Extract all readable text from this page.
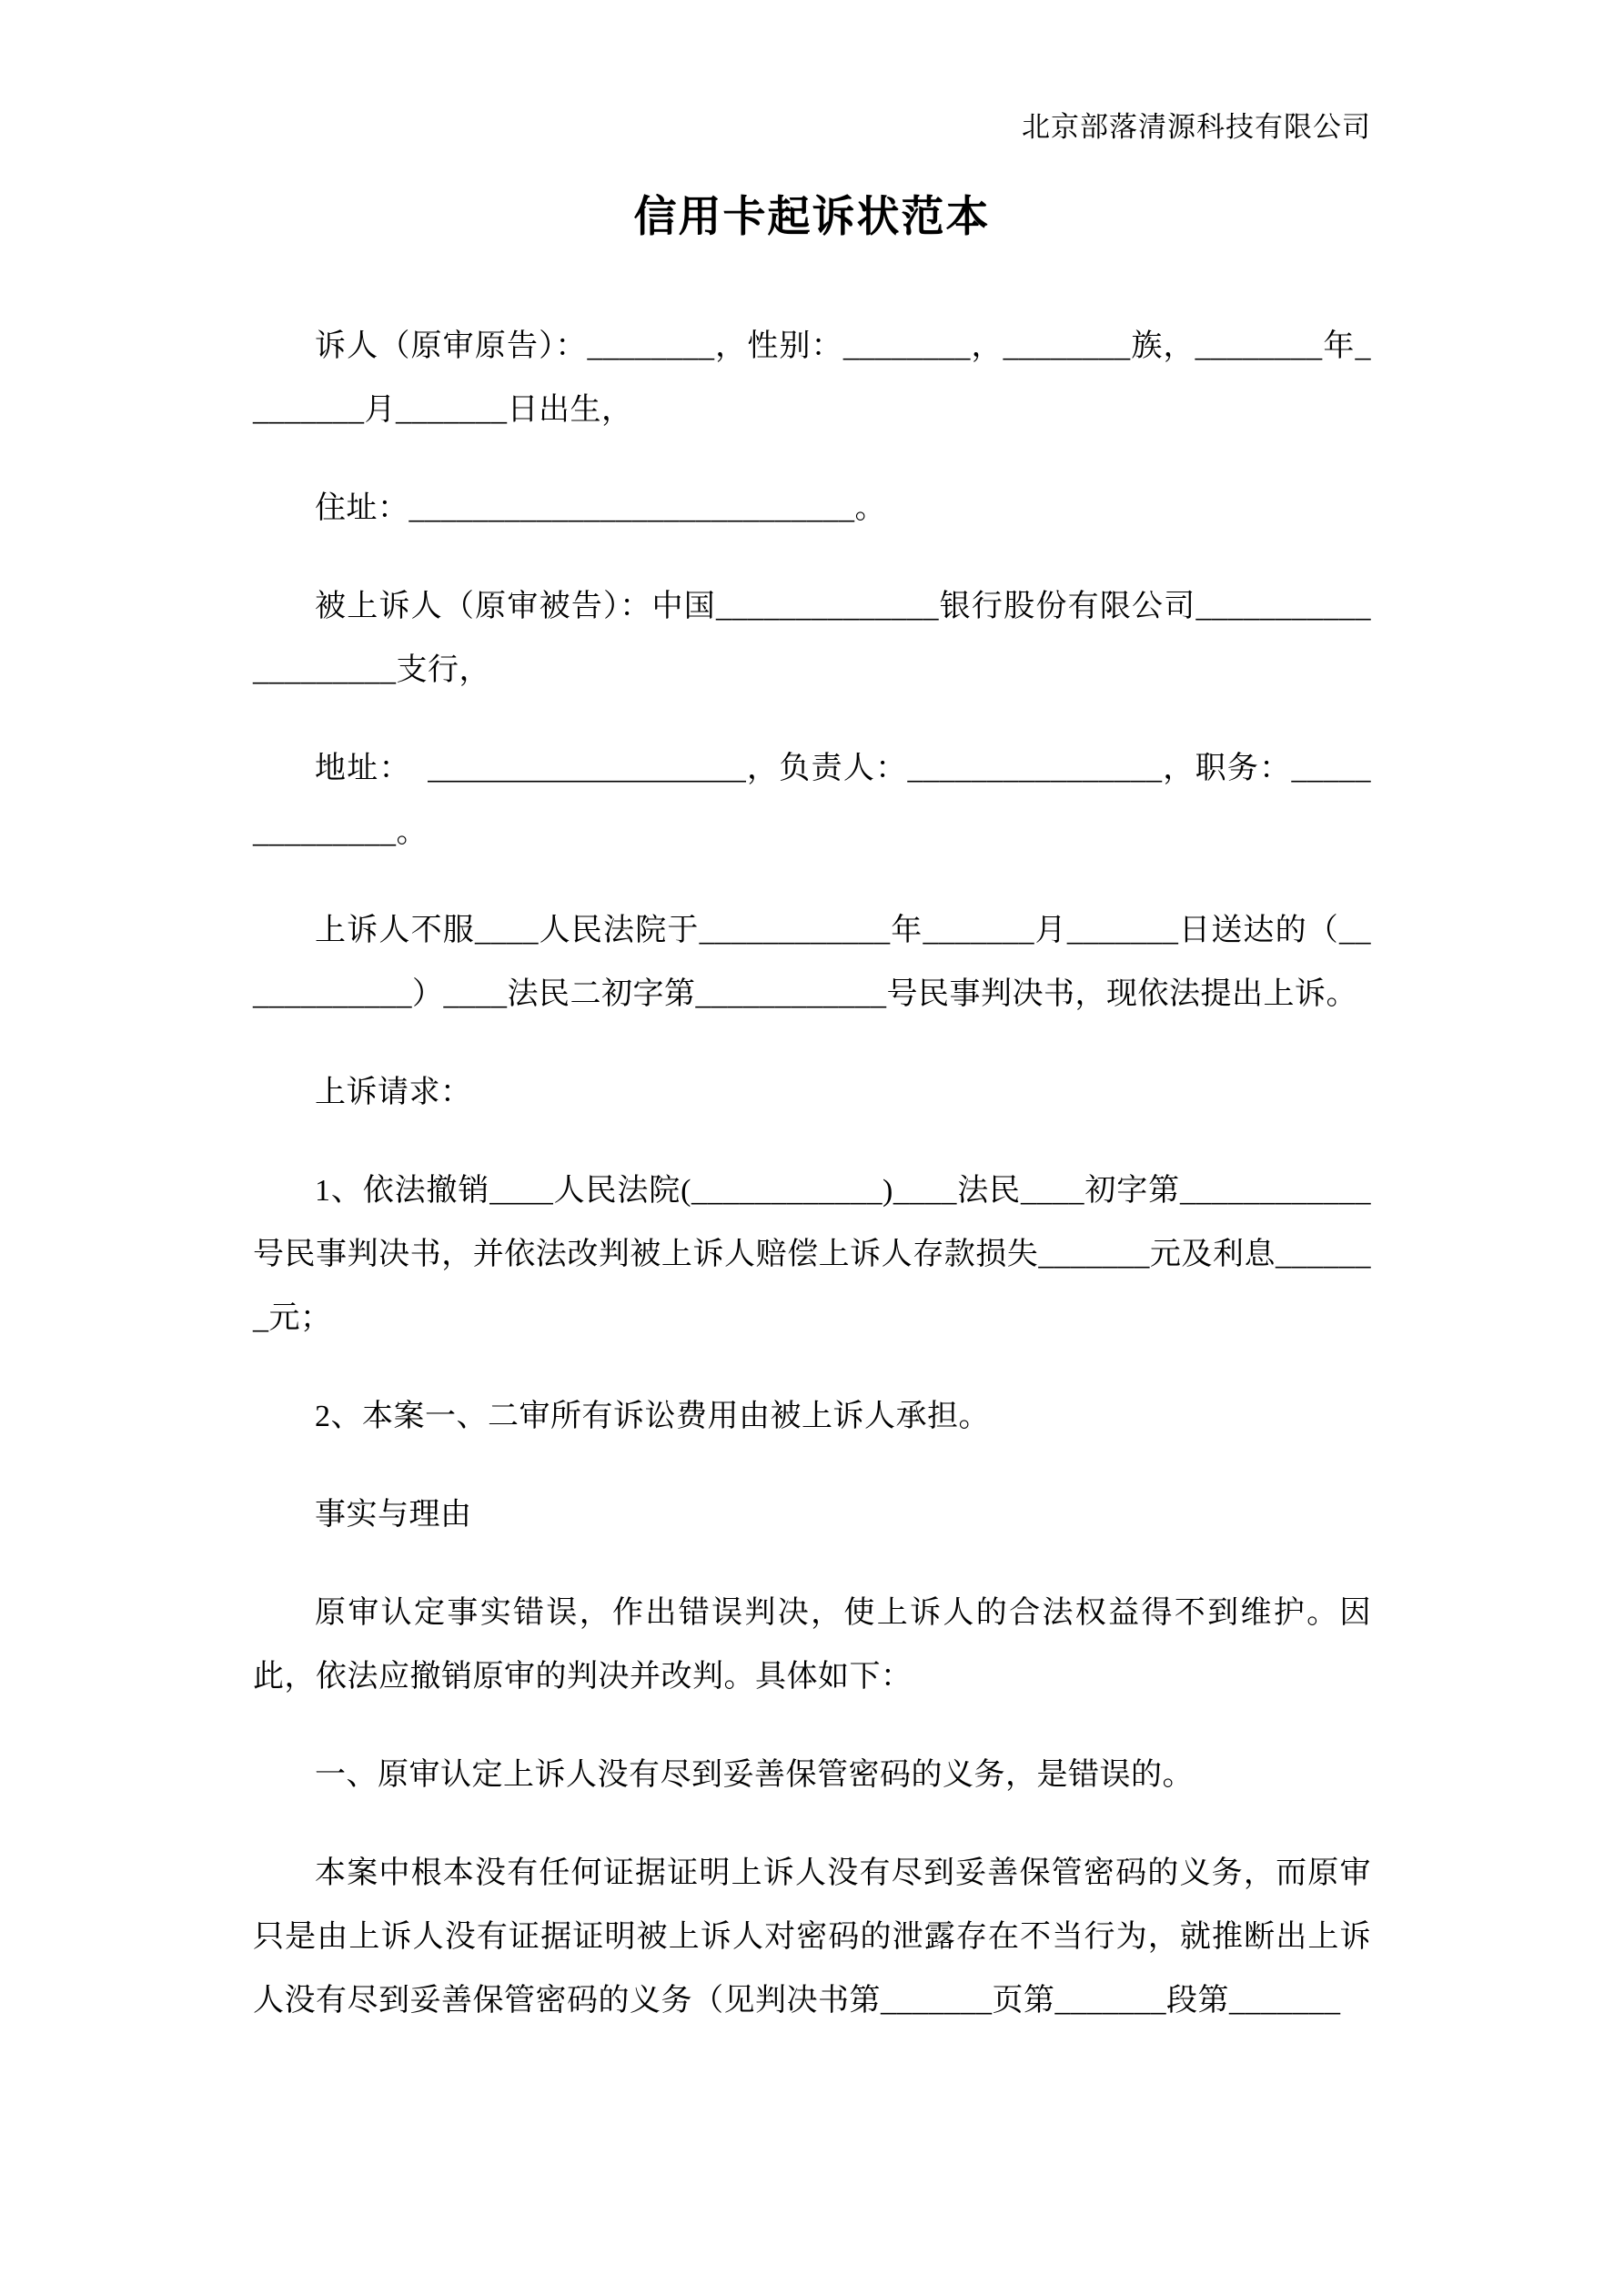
北京部落清源科技有限公司
信用卡起诉状范本

诉人（原审原告）：________，性别：________，________族，________年________月_______日出生，

住址：____________________________。

被上诉人（原审被告）：中国______________银行股份有限公司____________________支行，

地址：　____________________，负责人：________________，职务：______________。

上诉人不服____人民法院于____________年_______月_______日送达的（____________）____法民二初字第____________号民事判决书，现依法提出上诉。

上诉请求：

1、依法撤销____人民法院(____________)____法民____初字第____________号民事判决书，并依法改判被上诉人赔偿上诉人存款损失_______元及利息_______元；

2、本案一、二审所有诉讼费用由被上诉人承担。

事实与理由

原审认定事实错误，作出错误判决，使上诉人的合法权益得不到维护。因此，依法应撤销原审的判决并改判。具体如下：

一、原审认定上诉人没有尽到妥善保管密码的义务，是错误的。

本案中根本没有任何证据证明上诉人没有尽到妥善保管密码的义务，而原审只是由上诉人没有证据证明被上诉人对密码的泄露存在不当行为，就推断出上诉人没有尽到妥善保管密码的义务（见判决书第_______页第_______段第_______
